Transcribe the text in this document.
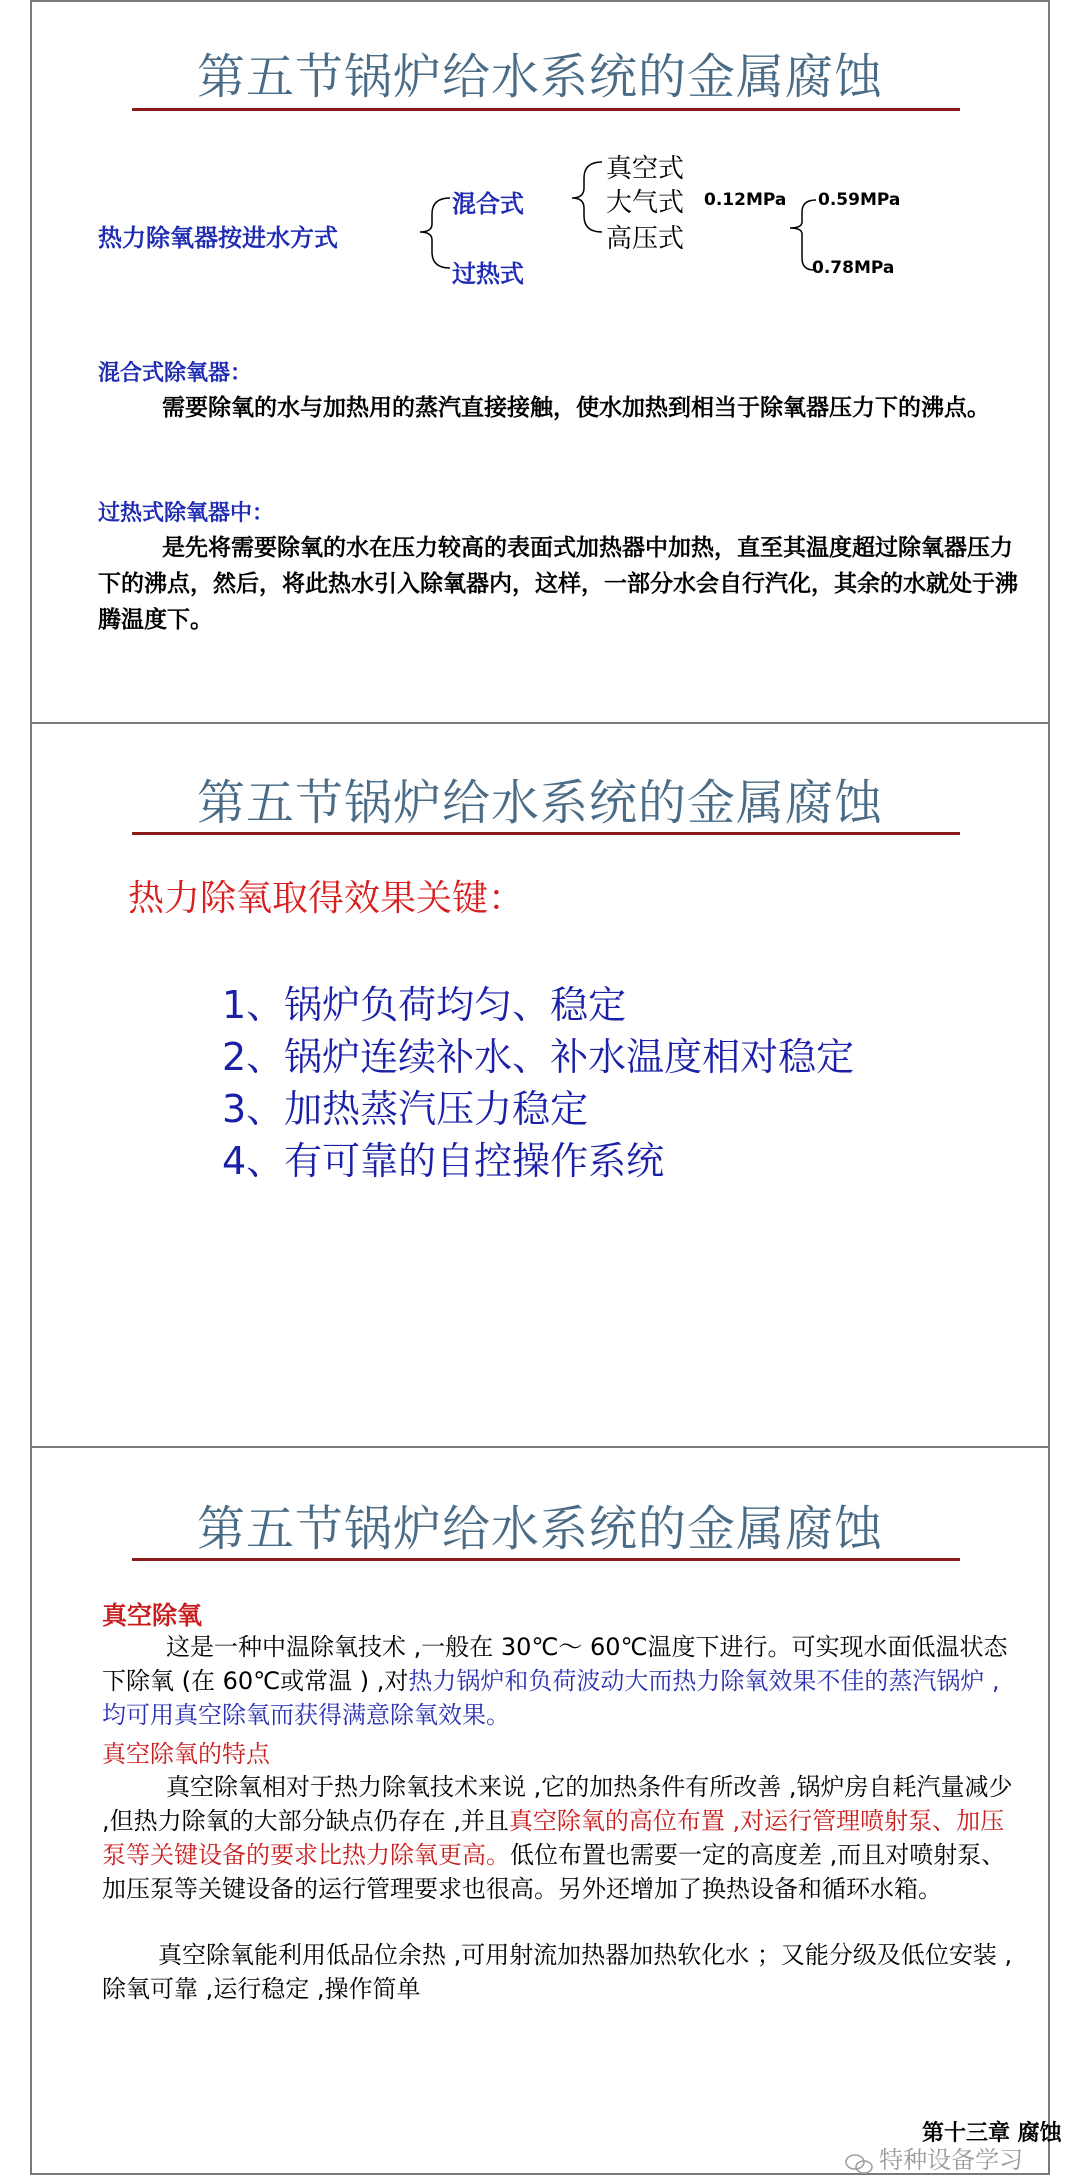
第五节锅炉给水系统的金属腐蚀
热力除氧器按进水方式
混合式
过热式
真空式
大气式
高压式
0.12MPa 0.59MPa
0.78MPa
混合式除氧器：
需要除氧的水与加热用的蒸汽直接接触，使水加热到相当于除氧器压力下的沸点。
过热式除氧器中：
是先将需要除氧的水在压力较高的表面式加热器中加热，直至其温度超过除氧器压力下的沸点，然后，将此热水引入除氧器内，这样，一部分水会自行汽化，其余的水就处于沸腾温度下。
第五节锅炉给水系统的金属腐蚀
热力除氧取得效果关键：
1、锅炉负荷均匀、稳定
2、锅炉连续补水、补水温度相对稳定
3、加热蒸汽压力稳定
4、有可靠的自控操作系统
第五节锅炉给水系统的金属腐蚀
真空除氧
这是一种中温除氧技术 ,一般在 30℃～ 60℃温度下进行。可实现水面低温状态下除氧 (在 60℃或常温 ) ,对热力锅炉和负荷波动大而热力除氧效果不佳的蒸汽锅炉 ,均可用真空除氧而获得满意除氧效果。
真空除氧的特点
真空除氧相对于热力除氧技术来说 ,它的加热条件有所改善 ,锅炉房自耗汽量减少 ,但热力除氧的大部分缺点仍存在 ,并且真空除氧的高位布置 ,对运行管理喷射泵、加压泵等关键设备的要求比热力除氧更高。低位布置也需要一定的高度差 ,而且对喷射泵、加压泵等关键设备的运行管理要求也很高。另外还增加了换热设备和循环水箱。
真空除氧能利用低品位余热 ,可用射流加热器加热软化水 ；又能分级及低位安装 ,除氧可靠 ,运行稳定 ,操作简单
第十三章 腐蚀
特种设备学习
